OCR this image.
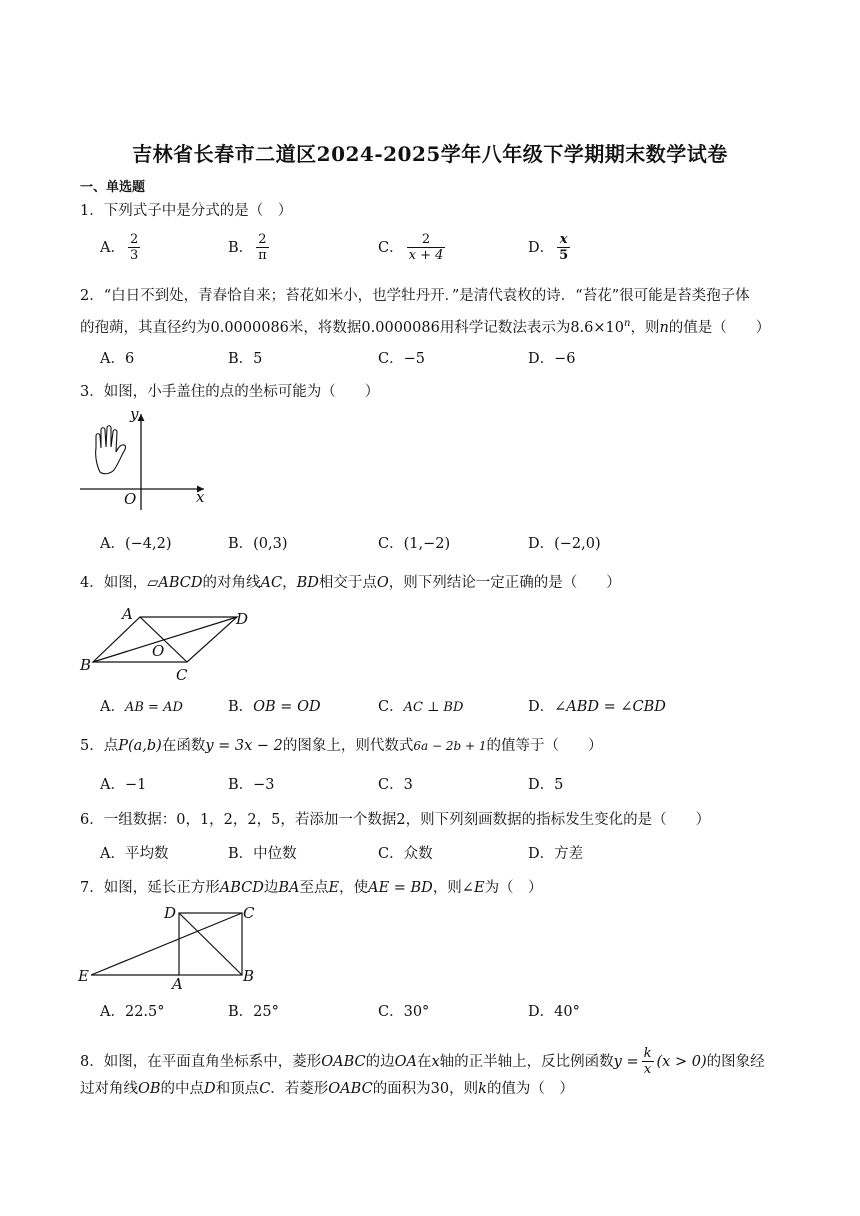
吉林省长春市二道区2024-2025学年八年级下学期期末数学试卷
一、单选题
1．下列式子中是分式的是（　）
A． $\frac{2}{3}$	B． $\frac{2}{\pi}$	C． $\frac{2}{x + 4}$	D． $\frac{x}{5}$
2．“白日不到处，青春恰自来；苔花如米小，也学牡丹开．”是清代袁枚的诗．“苔花”很可能是苔类孢子体
的孢蒴，其直径约为0.0000086米，将数据0.0000086用科学记数法表示为$8.6\times 10^n$，则n的值是（　　）
A．6	B．5	C．−5	D．−6
3．如图，小手盖住的点的坐标可能为（　　）
y
x
O
A．(−4,2)	B．(0,3)	C．(1,−2)	D．(−2,0)
4．如图，▱ABCD的对角线AC，BD相交于点O，则下列结论一定正确的是（　　）
A	D
B
C
O
A．AB = AD	B．OB = OD	C．AC ⊥ BD	D．∠ABD = ∠CBD
5．点P(a,b)在函数y = 3x − 2的图象上，则代数式6a − 2b + 1的值等于（　　）
A．−1	B．−3	C．3	D．5
6．一组数据：0，1，2，2，5，若添加一个数据2，则下列刻画数据的指标发生变化的是（　　）
A．平均数	B．中位数	C．众数	D．方差
7．如图，延长正方形ABCD边BA至点E，使AE = BD，则∠E为（　）
D	C
E	A	B
A．22.5°	B．25°	C．30°	D．40°
8．如图，在平面直角坐标系中，菱形OABC的边OA在x轴的正半轴上，反比例函数$y = \frac{k}{x} (x > 0)$的图象经
过对角线OB的中点D和顶点C．若菱形OABC的面积为30，则k的值为（　）
